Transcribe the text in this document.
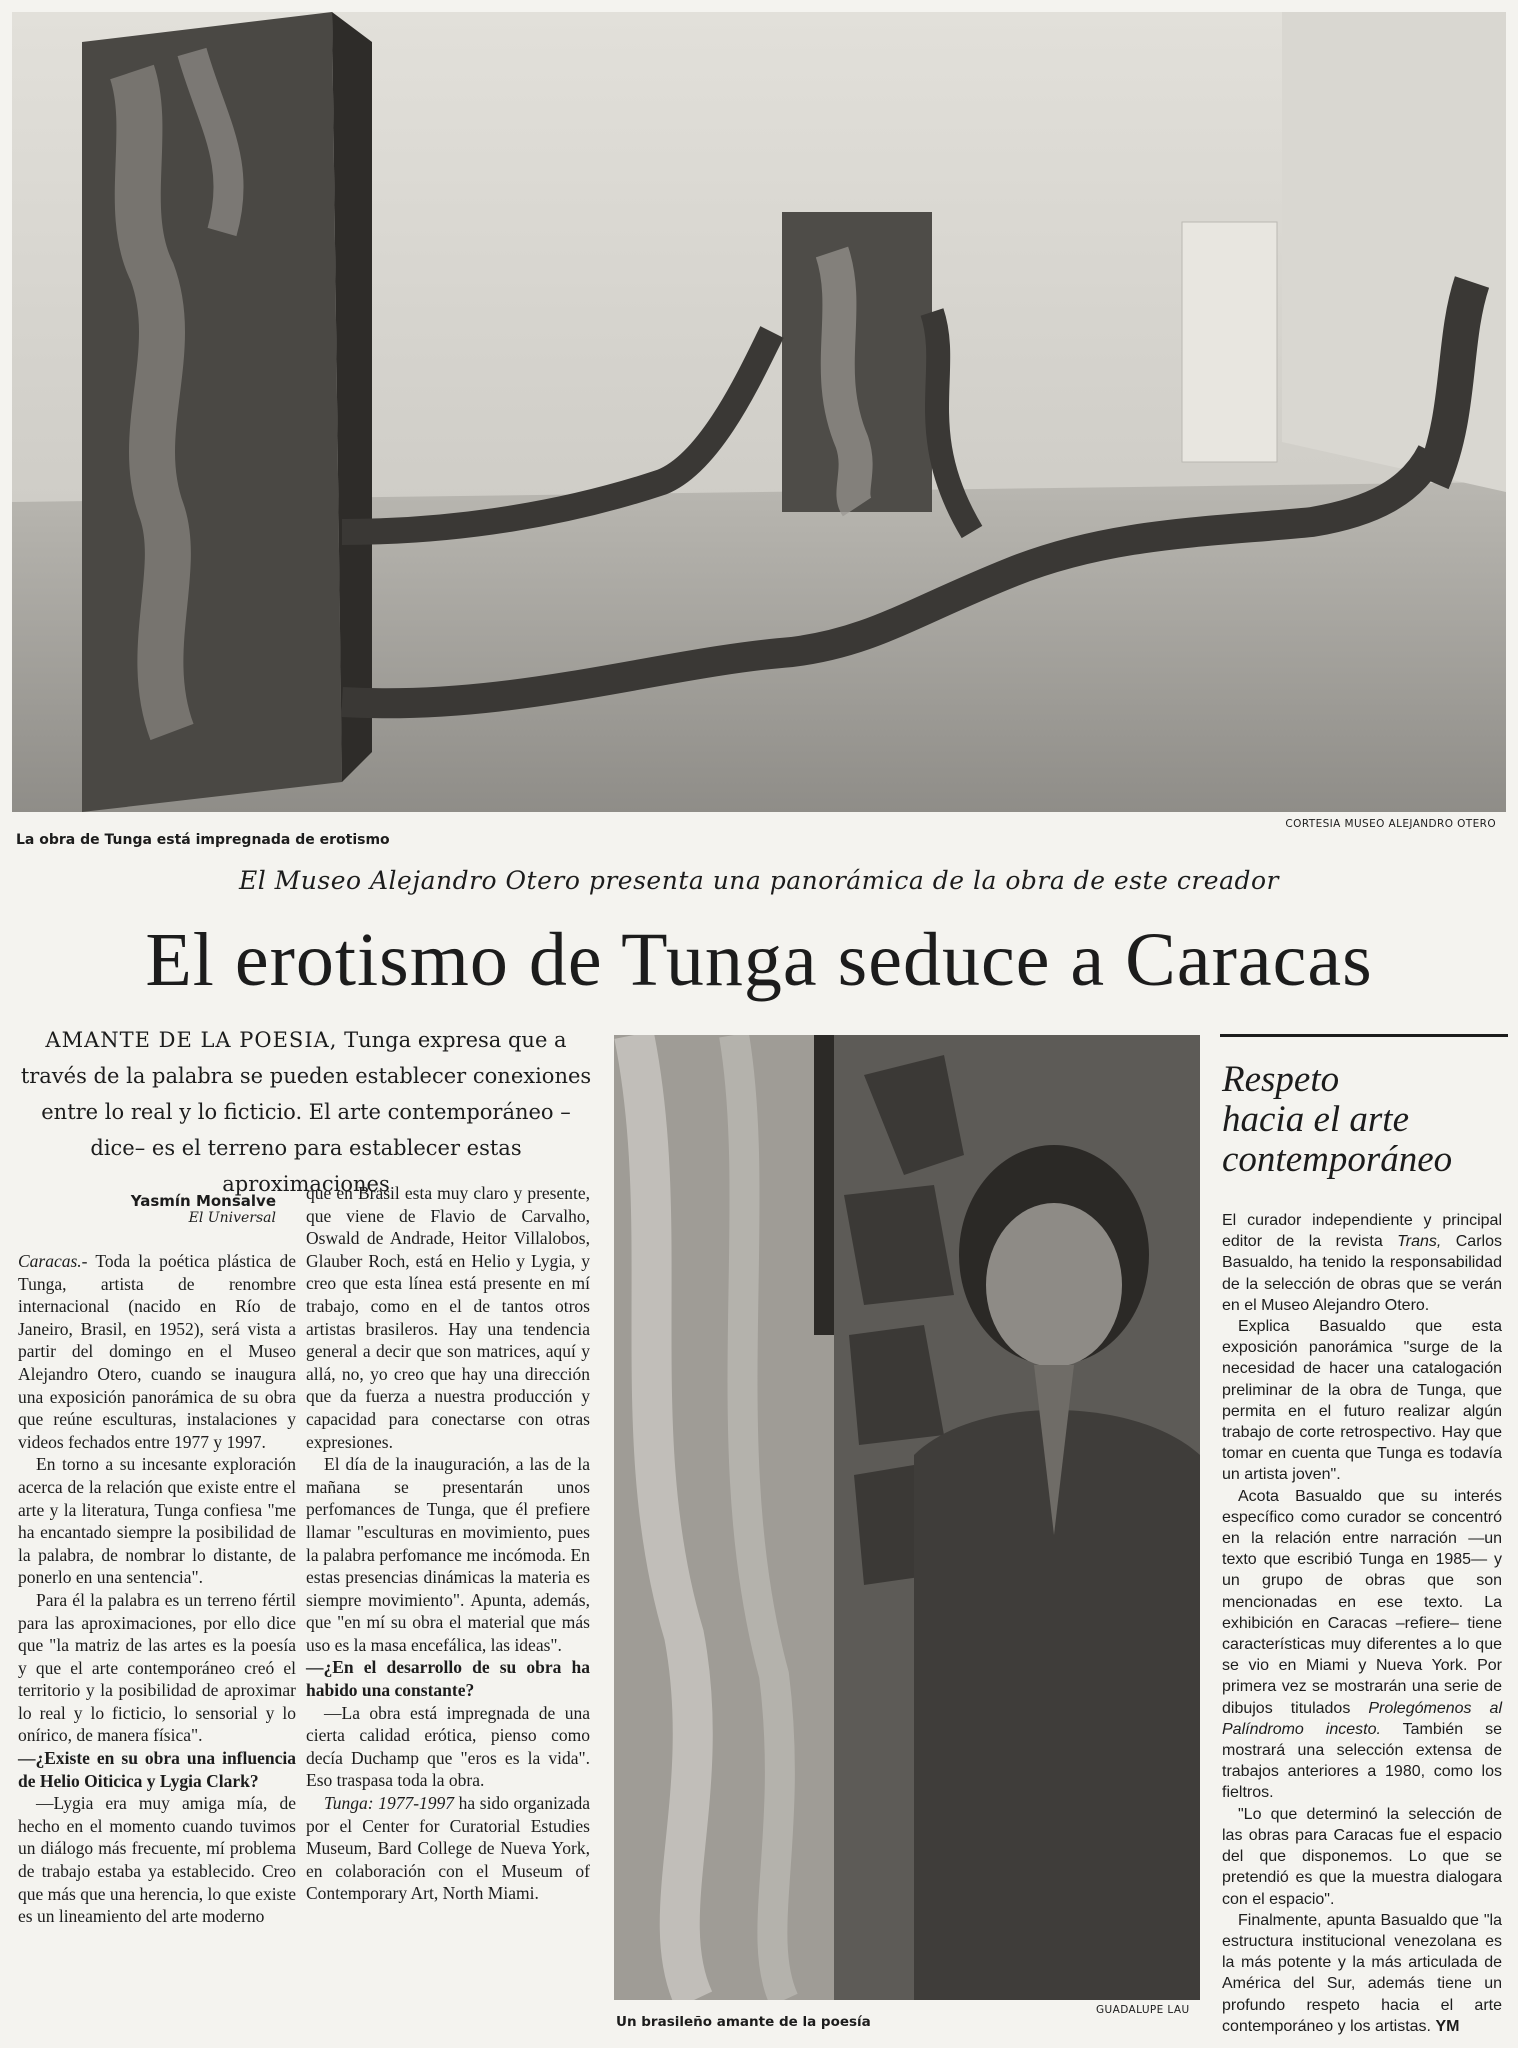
La obra de Tunga está impregnada de erotismo
CORTESIA MUSEO ALEJANDRO OTERO
El Museo Alejandro Otero presenta una panorámica de la obra de este creador
El erotismo de Tunga seduce a Caracas
AMANTE DE LA POESIA, Tunga expresa que a través de la palabra se pueden establecer conexiones entre lo real y lo ficticio. El arte contemporáneo –dice– es el terreno para establecer estas aproximaciones
Yasmín Monsalve
El Universal

Caracas.- Toda la poética plástica de Tunga, artista de renombre internacional (nacido en Río de Janeiro, Brasil, en 1952), será vista a partir del domingo en el Museo Alejandro Otero, cuando se inaugura una exposición panorámica de su obra que reúne esculturas, instalaciones y videos fechados entre 1977 y 1997.

En torno a su incesante exploración acerca de la relación que existe entre el arte y la literatura, Tunga confiesa "me ha encantado siempre la posibilidad de la palabra, de nombrar lo distante, de ponerlo en una sentencia".

Para él la palabra es un terreno fértil para las aproximaciones, por ello dice que "la matriz de las artes es la poesía y que el arte contemporáneo creó el territorio y la posibilidad de aproximar lo real y lo ficticio, lo sensorial y lo onírico, de manera física".

—¿Existe en su obra una influencia de Helio Oiticica y Lygia Clark?

—Lygia era muy amiga mía, de hecho en el momento cuando tuvimos un diálogo más frecuente, mí problema de trabajo estaba ya establecido. Creo que más que una herencia, lo que existe es un lineamiento del arte moderno

que en Brasil esta muy claro y presente, que viene de Flavio de Carvalho, Oswald de Andrade, Heitor Villalobos, Glauber Roch, está en Helio y Lygia, y creo que esta línea está presente en mí trabajo, como en el de tantos otros artistas brasileros. Hay una tendencia general a decir que son matrices, aquí y allá, no, yo creo que hay una dirección que da fuerza a nuestra producción y capacidad para conectarse con otras expresiones.

El día de la inauguración, a las de la mañana se presentarán unos perfomances de Tunga, que él prefiere llamar "esculturas en movimiento, pues la palabra perfomance me incómoda. En estas presencias dinámicas la materia es siempre movimiento". Apunta, además, que "en mí su obra el material que más uso es la masa encefálica, las ideas".

—¿En el desarrollo de su obra ha habido una constante?

—La obra está impregnada de una cierta calidad erótica, pienso como decía Duchamp que "eros es la vida". Eso traspasa toda la obra.

Tunga: 1977-1997 ha sido organizada por el Center for Curatorial Estudies Museum, Bard College de Nueva York, en colaboración con el Museum of Contemporary Art, North Miami.

Un brasileño amante de la poesía
GUADALUPE LAU
Respeto
hacia el arte
contemporáneo

El curador independiente y principal editor de la revista Trans, Carlos Basualdo, ha tenido la responsabilidad de la selección de obras que se verán en el Museo Alejandro Otero.

Explica Basualdo que esta exposición panorámica "surge de la necesidad de hacer una catalogación preliminar de la obra de Tunga, que permita en el futuro realizar algún trabajo de corte retrospectivo. Hay que tomar en cuenta que Tunga es todavía un artista joven".

Acota Basualdo que su interés específico como curador se concentró en la relación entre narración —un texto que escribió Tunga en 1985— y un grupo de obras que son mencionadas en ese texto. La exhibición en Caracas –refiere– tiene características muy diferentes a lo que se vio en Miami y Nueva York. Por primera vez se mostrarán una serie de dibujos titulados Prolegómenos al Palíndromo incesto. También se mostrará una selección extensa de trabajos anteriores a 1980, como los fieltros.

"Lo que determinó la selección de las obras para Caracas fue el espacio del que disponemos. Lo que se pretendió es que la muestra dialogara con el espacio".

Finalmente, apunta Basualdo que "la estructura institucional venezolana es la más potente y la más articulada de América del Sur, además tiene un profundo respeto hacia el arte contemporáneo y los artistas. YM
